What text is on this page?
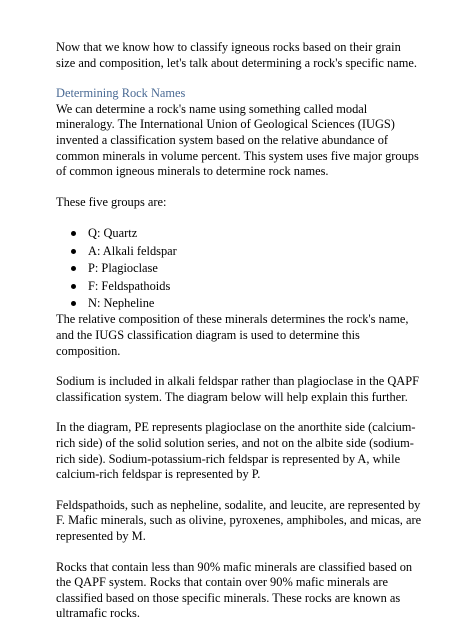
Now that we know how to classify igneous rocks based on their grain size and composition, let's talk about determining a rock's specific name.

Determining Rock Names

We can determine a rock's name using something called modal mineralogy. The International Union of Geological Sciences (IUGS) invented a classification system based on the relative abundance of common minerals in volume percent. This system uses five major groups of common igneous minerals to determine rock names.

These five groups are:

Q: Quartz
A: Alkali feldspar
P: Plagioclase
F: Feldspathoids
N: Nepheline

The relative composition of these minerals determines the rock's name, and the IUGS classification diagram is used to determine this composition.

Sodium is included in alkali feldspar rather than plagioclase in the QAPF classification system. The diagram below will help explain this further.

In the diagram, PE represents plagioclase on the anorthite side (calcium-rich side) of the solid solution series, and not on the albite side (sodium-rich side). Sodium-potassium-rich feldspar is represented by A, while calcium-rich feldspar is represented by P.

Feldspathoids, such as nepheline, sodalite, and leucite, are represented by F. Mafic minerals, such as olivine, pyroxenes, amphiboles, and micas, are represented by M.

Rocks that contain less than 90% mafic minerals are classified based on the QAPF system. Rocks that contain over 90% mafic minerals are classified based on those specific minerals. These rocks are known as ultramafic rocks.
